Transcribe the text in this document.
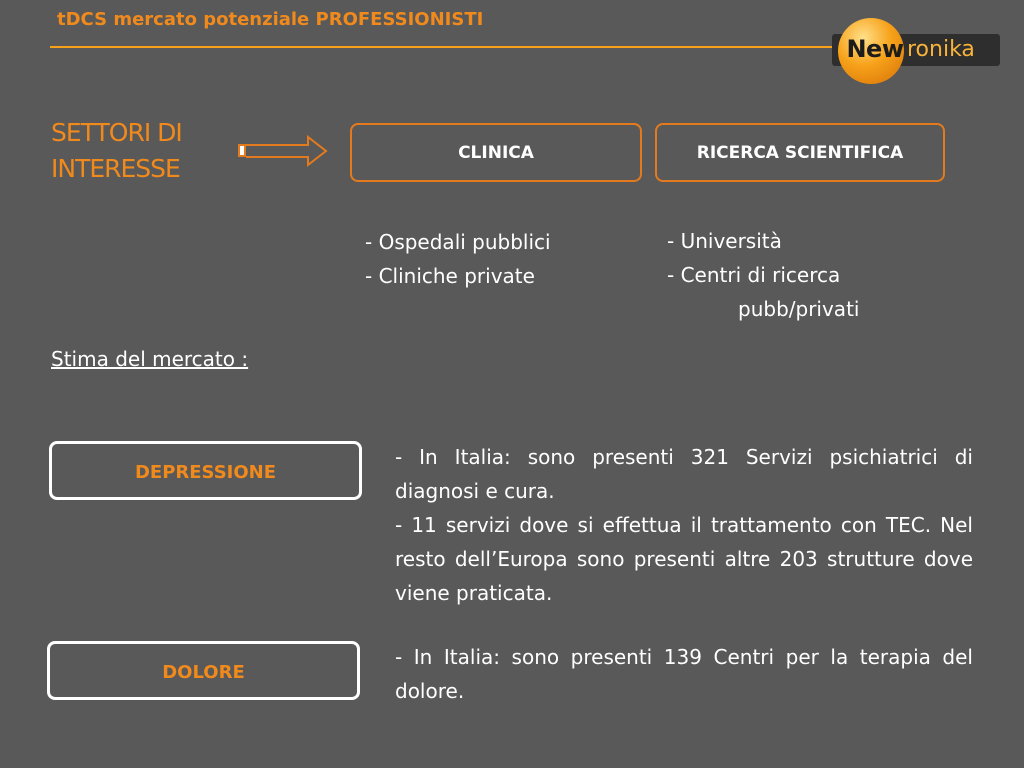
tDCS mercato potenziale PROFESSIONISTI
New ronika
SETTORI DI
INTERESSE
CLINICA	RICERCA SCIENTIFICA
- Ospedali pubblici
- Cliniche private
- Università
- Centri di ricerca
pubb/privati
Stima del mercato :
DEPRESSIONE
- In Italia: sono presenti 321 Servizi psichiatrici di diagnosi e cura.
- 11 servizi dove si effettua il trattamento con TEC. Nel resto dell’Europa sono presenti altre 203 strutture dove viene praticata.
DOLORE
- In Italia: sono presenti 139 Centri per la terapia del dolore.
